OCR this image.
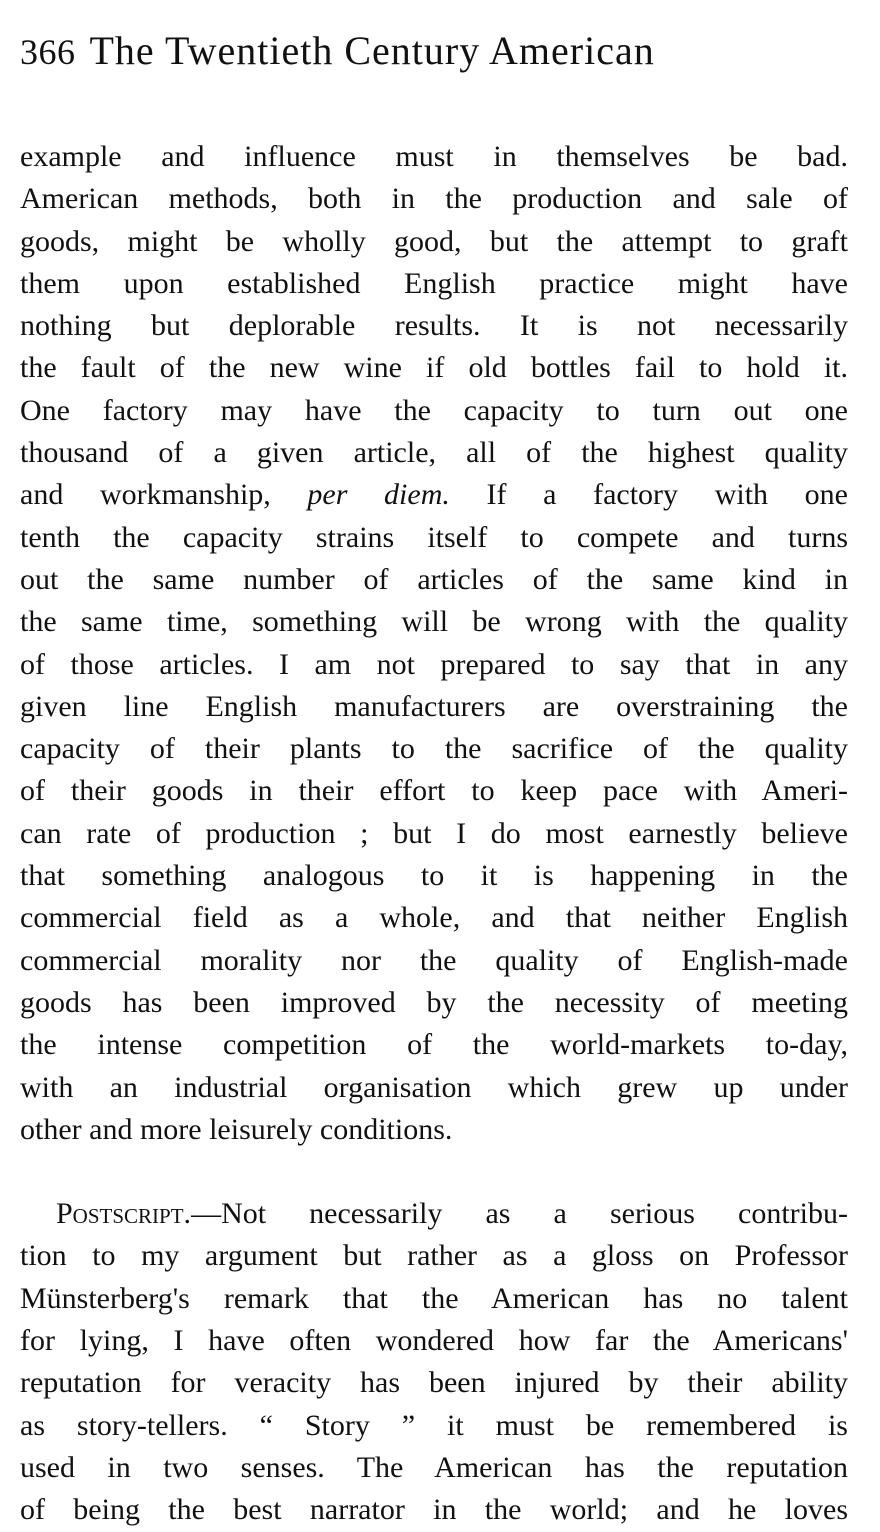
366 The Twentieth Century American
example and influence must in themselves be bad.
American methods, both in the production and sale of
goods, might be wholly good, but the attempt to graft
them upon established English practice might have
nothing but deplorable results. It is not necessarily
the fault of the new wine if old bottles fail to hold it.
One factory may have the capacity to turn out one
thousand of a given article, all of the highest quality
and workmanship, per diem. If a factory with one
tenth the capacity strains itself to compete and turns
out the same number of articles of the same kind in
the same time, something will be wrong with the quality
of those articles. I am not prepared to say that in any
given line English manufacturers are overstraining the
capacity of their plants to the sacrifice of the quality
of their goods in their effort to keep pace with Ameri-
can rate of production ; but I do most earnestly believe
that something analogous to it is happening in the
commercial field as a whole, and that neither English
commercial morality nor the quality of English-made
goods has been improved by the necessity of meeting
the intense competition of the world-markets to-day,
with an industrial organisation which grew up under
other and more leisurely conditions.
Postscript.—Not necessarily as a serious contribu-
tion to my argument but rather as a gloss on Professor
Münsterberg's remark that the American has no talent
for lying, I have often wondered how far the Americans'
reputation for veracity has been injured by their ability
as story-tellers. “ Story ” it must be remembered is
used in two senses. The American has the reputation
of being the best narrator in the world; and he loves
